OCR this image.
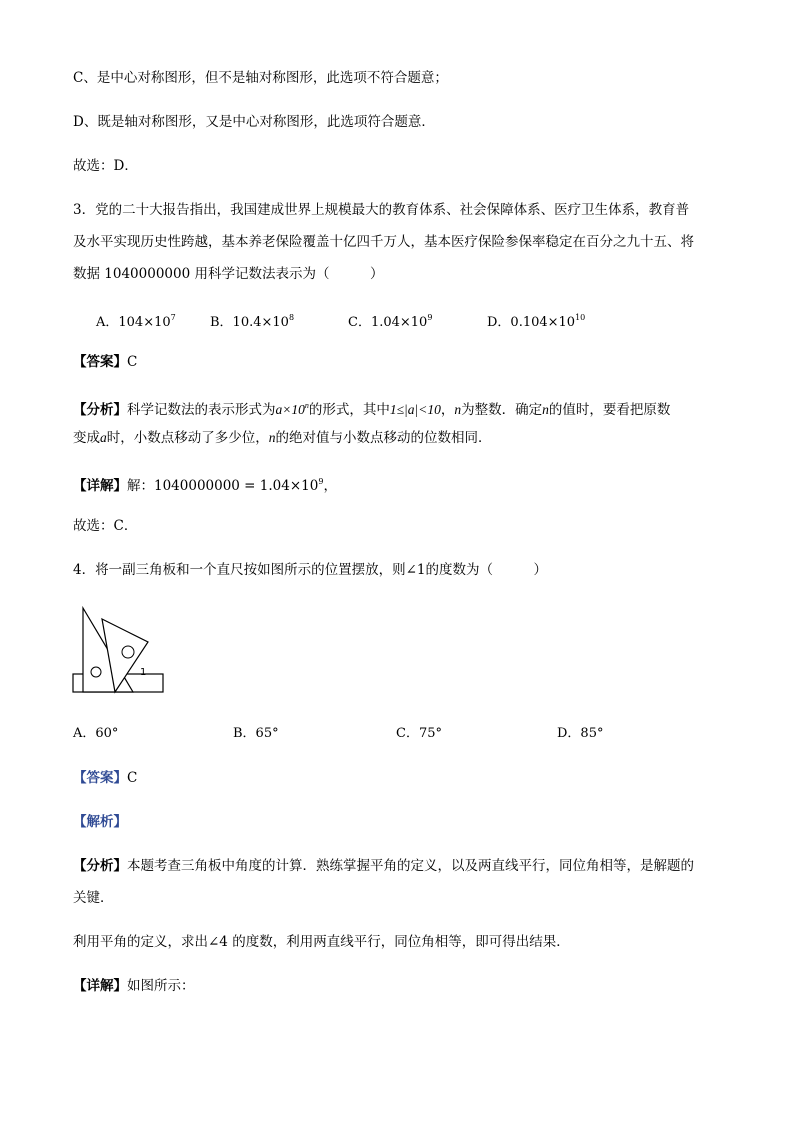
C、是中心对称图形，但不是轴对称图形，此选项不符合题意；
D、既是轴对称图形，又是中心对称图形，此选项符合题意．
故选：D．
3．党的二十大报告指出，我国建成世界上规模最大的教育体系、社会保障体系、医疗卫生体系，教育普
及水平实现历史性跨越，基本养老保险覆盖十亿四千万人，基本医疗保险参保率稳定在百分之九十五、将
数据 1040000000 用科学记数法表示为（　　　）
A．$104\times 10^7$	B．$10.4\times 10^8$	C．$1.04\times 10^9$	D．$0.104\times 10^{10}$
【答案】C
【分析】科学记数法的表示形式为$a\times 10^n$的形式，其中1≤|a|<10，n为整数．确定n的值时，要看把原数
变成a时，小数点移动了多少位，n的绝对值与小数点移动的位数相同．
【详解】解：$1040000000 = 1.04\times 10^9$，
故选：C．
4．将一副三角板和一个直尺按如图所示的位置摆放，则∠1的度数为（　　　）
1
A．60°	B．65°	C．75°	D．85°
【答案】C
【解析】
【分析】本题考查三角板中角度的计算．熟练掌握平角的定义，以及两直线平行，同位角相等，是解题的
关键．
利用平角的定义，求出∠4 的度数，利用两直线平行，同位角相等，即可得出结果．
【详解】如图所示：
